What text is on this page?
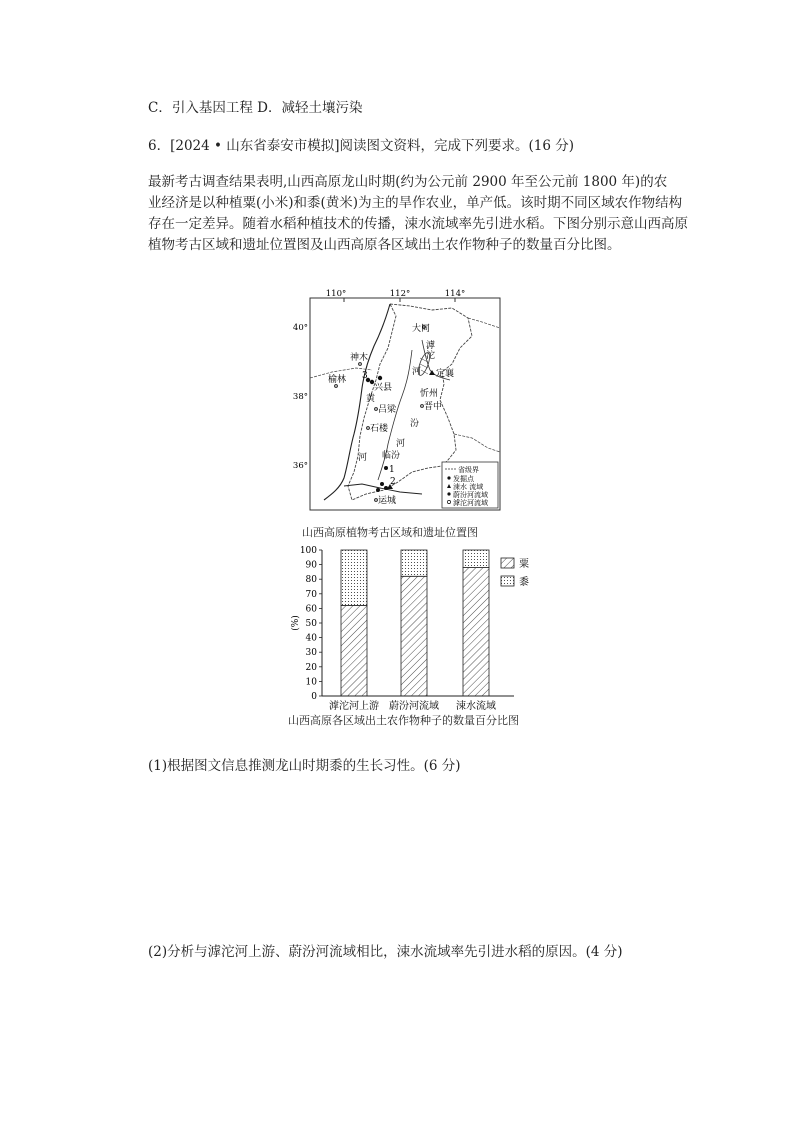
C．引入基因工程 D．减轻土壤污染
6．[2024 • 山东省泰安市模拟]阅读图文资料，完成下列要求。(16 分)
最新考古调查结果表明,山西高原龙山时期(约为公元前 2900 年至公元前 1800 年)的农
业经济是以种植粟(小米)和黍(黄米)为主的旱作农业，单产低。该时期不同区域农作物结构
存在一定差异。随着水稻种植技术的传播，涑水流域率先引进水稻。下图分别示意山西高原
植物考古区域和遗址位置图及山西高原各区域出土农作物种子的数量百分比图。
110°	112°	114°
40°
38°
36°
大同
神木
榆林
兴县
吕梁	晋中
忻州
定襄
石楼
临汾
运城
黄
河
汾
河
滹
沱
河
1
2
3
省级界
发掘点
涑水 流域
蔚汾河流域
滹沱河流域
山西高原植物考古区域和遗址位置图
0
10
20
30
40
50
60
70
80
90
100
(%)
滹沱河上游 蔚汾河流域 涑水流域
粟
黍
山西高原各区域出土农作物种子的数量百分比图
(1)根据图文信息推测龙山时期黍的生长习性。(6 分)
(2)分析与滹沱河上游、蔚汾河流域相比，涑水流域率先引进水稻的原因。(4 分)
